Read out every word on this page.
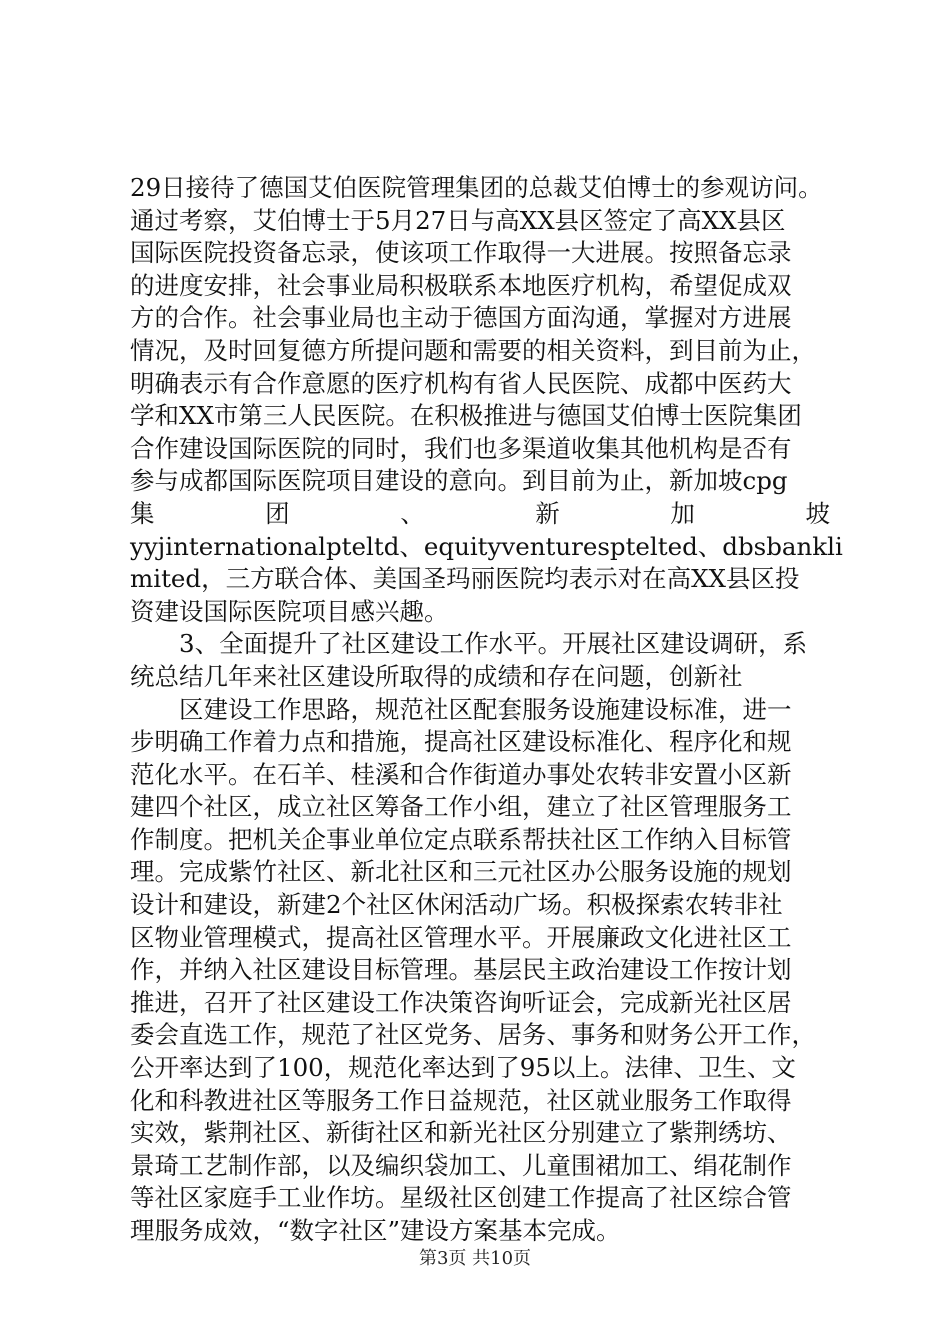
29日接待了德国艾伯医院管理集团的总裁艾伯博士的参观访问。
通过考察，艾伯博士于5月27日与高XX县区签定了高XX县区
国际医院投资备忘录，使该项工作取得一大进展。按照备忘录
的进度安排，社会事业局积极联系本地医疗机构，希望促成双
方的合作。社会事业局也主动于德国方面沟通，掌握对方进展
情况，及时回复德方所提问题和需要的相关资料，到目前为止，
明确表示有合作意愿的医疗机构有省人民医院、成都中医药大
学和XX市第三人民医院。在积极推进与德国艾伯博士医院集团
合作建设国际医院的同时，我们也多渠道收集其他机构是否有
参与成都国际医院项目建设的意向。到目前为止，新加坡cpg
集	团	、	新	加	坡
yyjinternationalpteltd、equityventuresptelted、dbsbankli
mited，三方联合体、美国圣玛丽医院均表示对在高XX县区投
资建设国际医院项目感兴趣。
3、全面提升了社区建设工作水平。开展社区建设调研，系
统总结几年来社区建设所取得的成绩和存在问题，创新社
区建设工作思路，规范社区配套服务设施建设标准，进一
步明确工作着力点和措施，提高社区建设标准化、程序化和规
范化水平。在石羊、桂溪和合作街道办事处农转非安置小区新
建四个社区，成立社区筹备工作小组，建立了社区管理服务工
作制度。把机关企事业单位定点联系帮扶社区工作纳入目标管
理。完成紫竹社区、新北社区和三元社区办公服务设施的规划
设计和建设，新建2个社区休闲活动广场。积极探索农转非社
区物业管理模式，提高社区管理水平。开展廉政文化进社区工
作，并纳入社区建设目标管理。基层民主政治建设工作按计划
推进，召开了社区建设工作决策咨询听证会，完成新光社区居
委会直选工作，规范了社区党务、居务、事务和财务公开工作，
公开率达到了100，规范化率达到了95以上。法律、卫生、文
化和科教进社区等服务工作日益规范，社区就业服务工作取得
实效，紫荆社区、新街社区和新光社区分别建立了紫荆绣坊、
景琦工艺制作部，以及编织袋加工、儿童围裙加工、绢花制作
等社区家庭手工业作坊。星级社区创建工作提高了社区综合管
理服务成效，“数字社区”建设方案基本完成。
第3页 共10页
